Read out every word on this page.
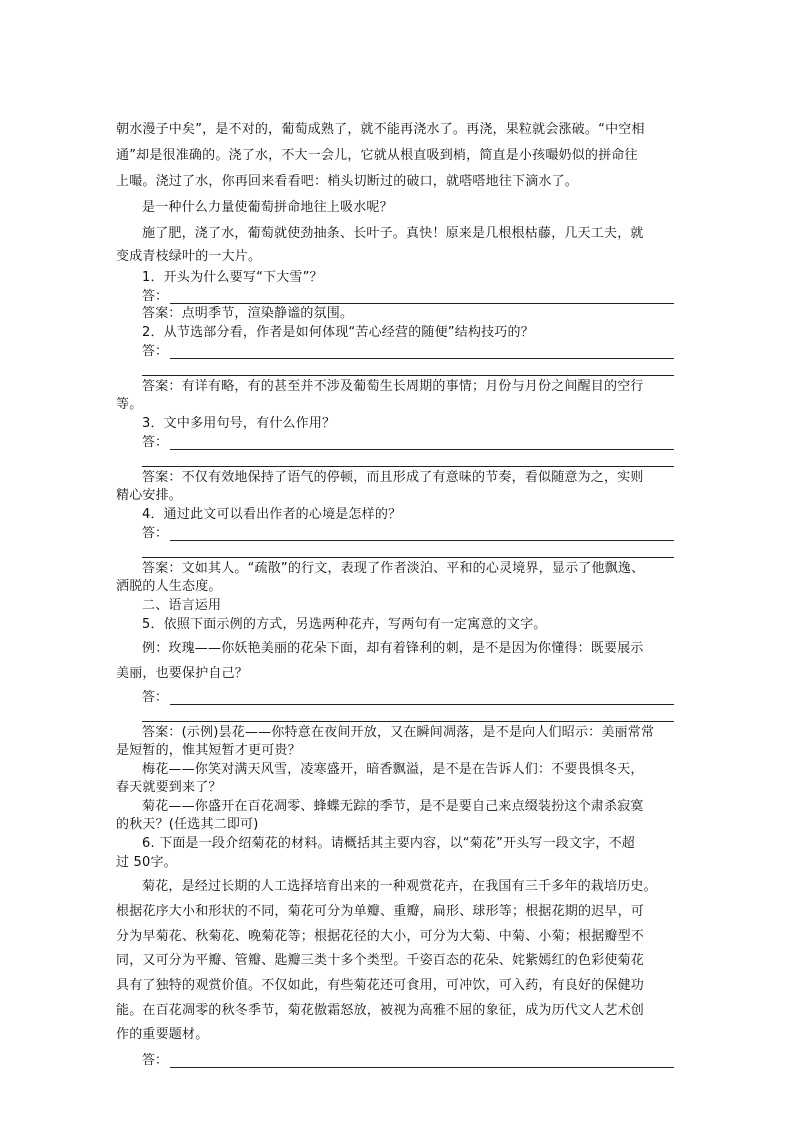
朝水漫子中矣”，是不对的，葡萄成熟了，就不能再浇水了。再浇，果粒就会涨破。“中空相
通”却是很准确的。浇了水，不大一会儿，它就从根直吸到梢，简直是小孩嘬奶似的拼命往
上嘬。浇过了水，你再回来看看吧：梢头切断过的破口，就嗒嗒地往下滴水了。
是一种什么力量使葡萄拼命地往上吸水呢？
施了肥，浇了水，葡萄就使劲抽条、长叶子。真快！原来是几根根枯藤，几天工夫，就
变成青枝绿叶的一大片。
1．开头为什么要写“下大雪”？
答：
答案：点明季节，渲染静谧的氛围。
2．从节选部分看，作者是如何体现“苦心经营的随便”结构技巧的？
答：
答案：有详有略，有的甚至并不涉及葡萄生长周期的事情；月份与月份之间醒目的空行
等。
3．文中多用句号，有什么作用？
答：
答案：不仅有效地保持了语气的停顿，而且形成了有意味的节奏，看似随意为之，实则
精心安排。
4．通过此文可以看出作者的心境是怎样的？
答：
答案：文如其人。“疏散”的行文，表现了作者淡泊、平和的心灵境界，显示了他飘逸、
洒脱的人生态度。
二、语言运用
5．依照下面示例的方式，另选两种花卉，写两句有一定寓意的文字。
例：玫瑰——你妖艳美丽的花朵下面，却有着锋利的刺，是不是因为你懂得：既要展示
美丽，也要保护自己？
答：
答案：(示例)昙花——你特意在夜间开放，又在瞬间凋落，是不是向人们昭示：美丽常常
是短暂的，惟其短暂才更可贵？
梅花——你笑对满天风雪，凌寒盛开，暗香飘溢，是不是在告诉人们：不要畏惧冬天，
春天就要到来了？
菊花——你盛开在百花凋零、蜂蝶无踪的季节，是不是要自己来点缀装扮这个肃杀寂寞
的秋天？(任选其二即可)
6. 下面是一段介绍菊花的材料。请概括其主要内容，以“菊花”开头写一段文字，不超
过 50字。
菊花，是经过长期的人工选择培育出来的一种观赏花卉，在我国有三千多年的栽培历史。
根据花序大小和形状的不同，菊花可分为单瓣、重瓣，扁形、球形等；根据花期的迟早，可
分为早菊花、秋菊花、晚菊花等；根据花径的大小，可分为大菊、中菊、小菊；根据瓣型不
同，又可分为平瓣、管瓣、匙瓣三类十多个类型。千姿百态的花朵、姹紫嫣红的色彩使菊花
具有了独特的观赏价值。不仅如此，有些菊花还可食用，可冲饮，可入药，有良好的保健功
能。在百花凋零的秋冬季节，菊花傲霜怒放，被视为高雅不屈的象征，成为历代文人艺术创
作的重要题材。
答：
